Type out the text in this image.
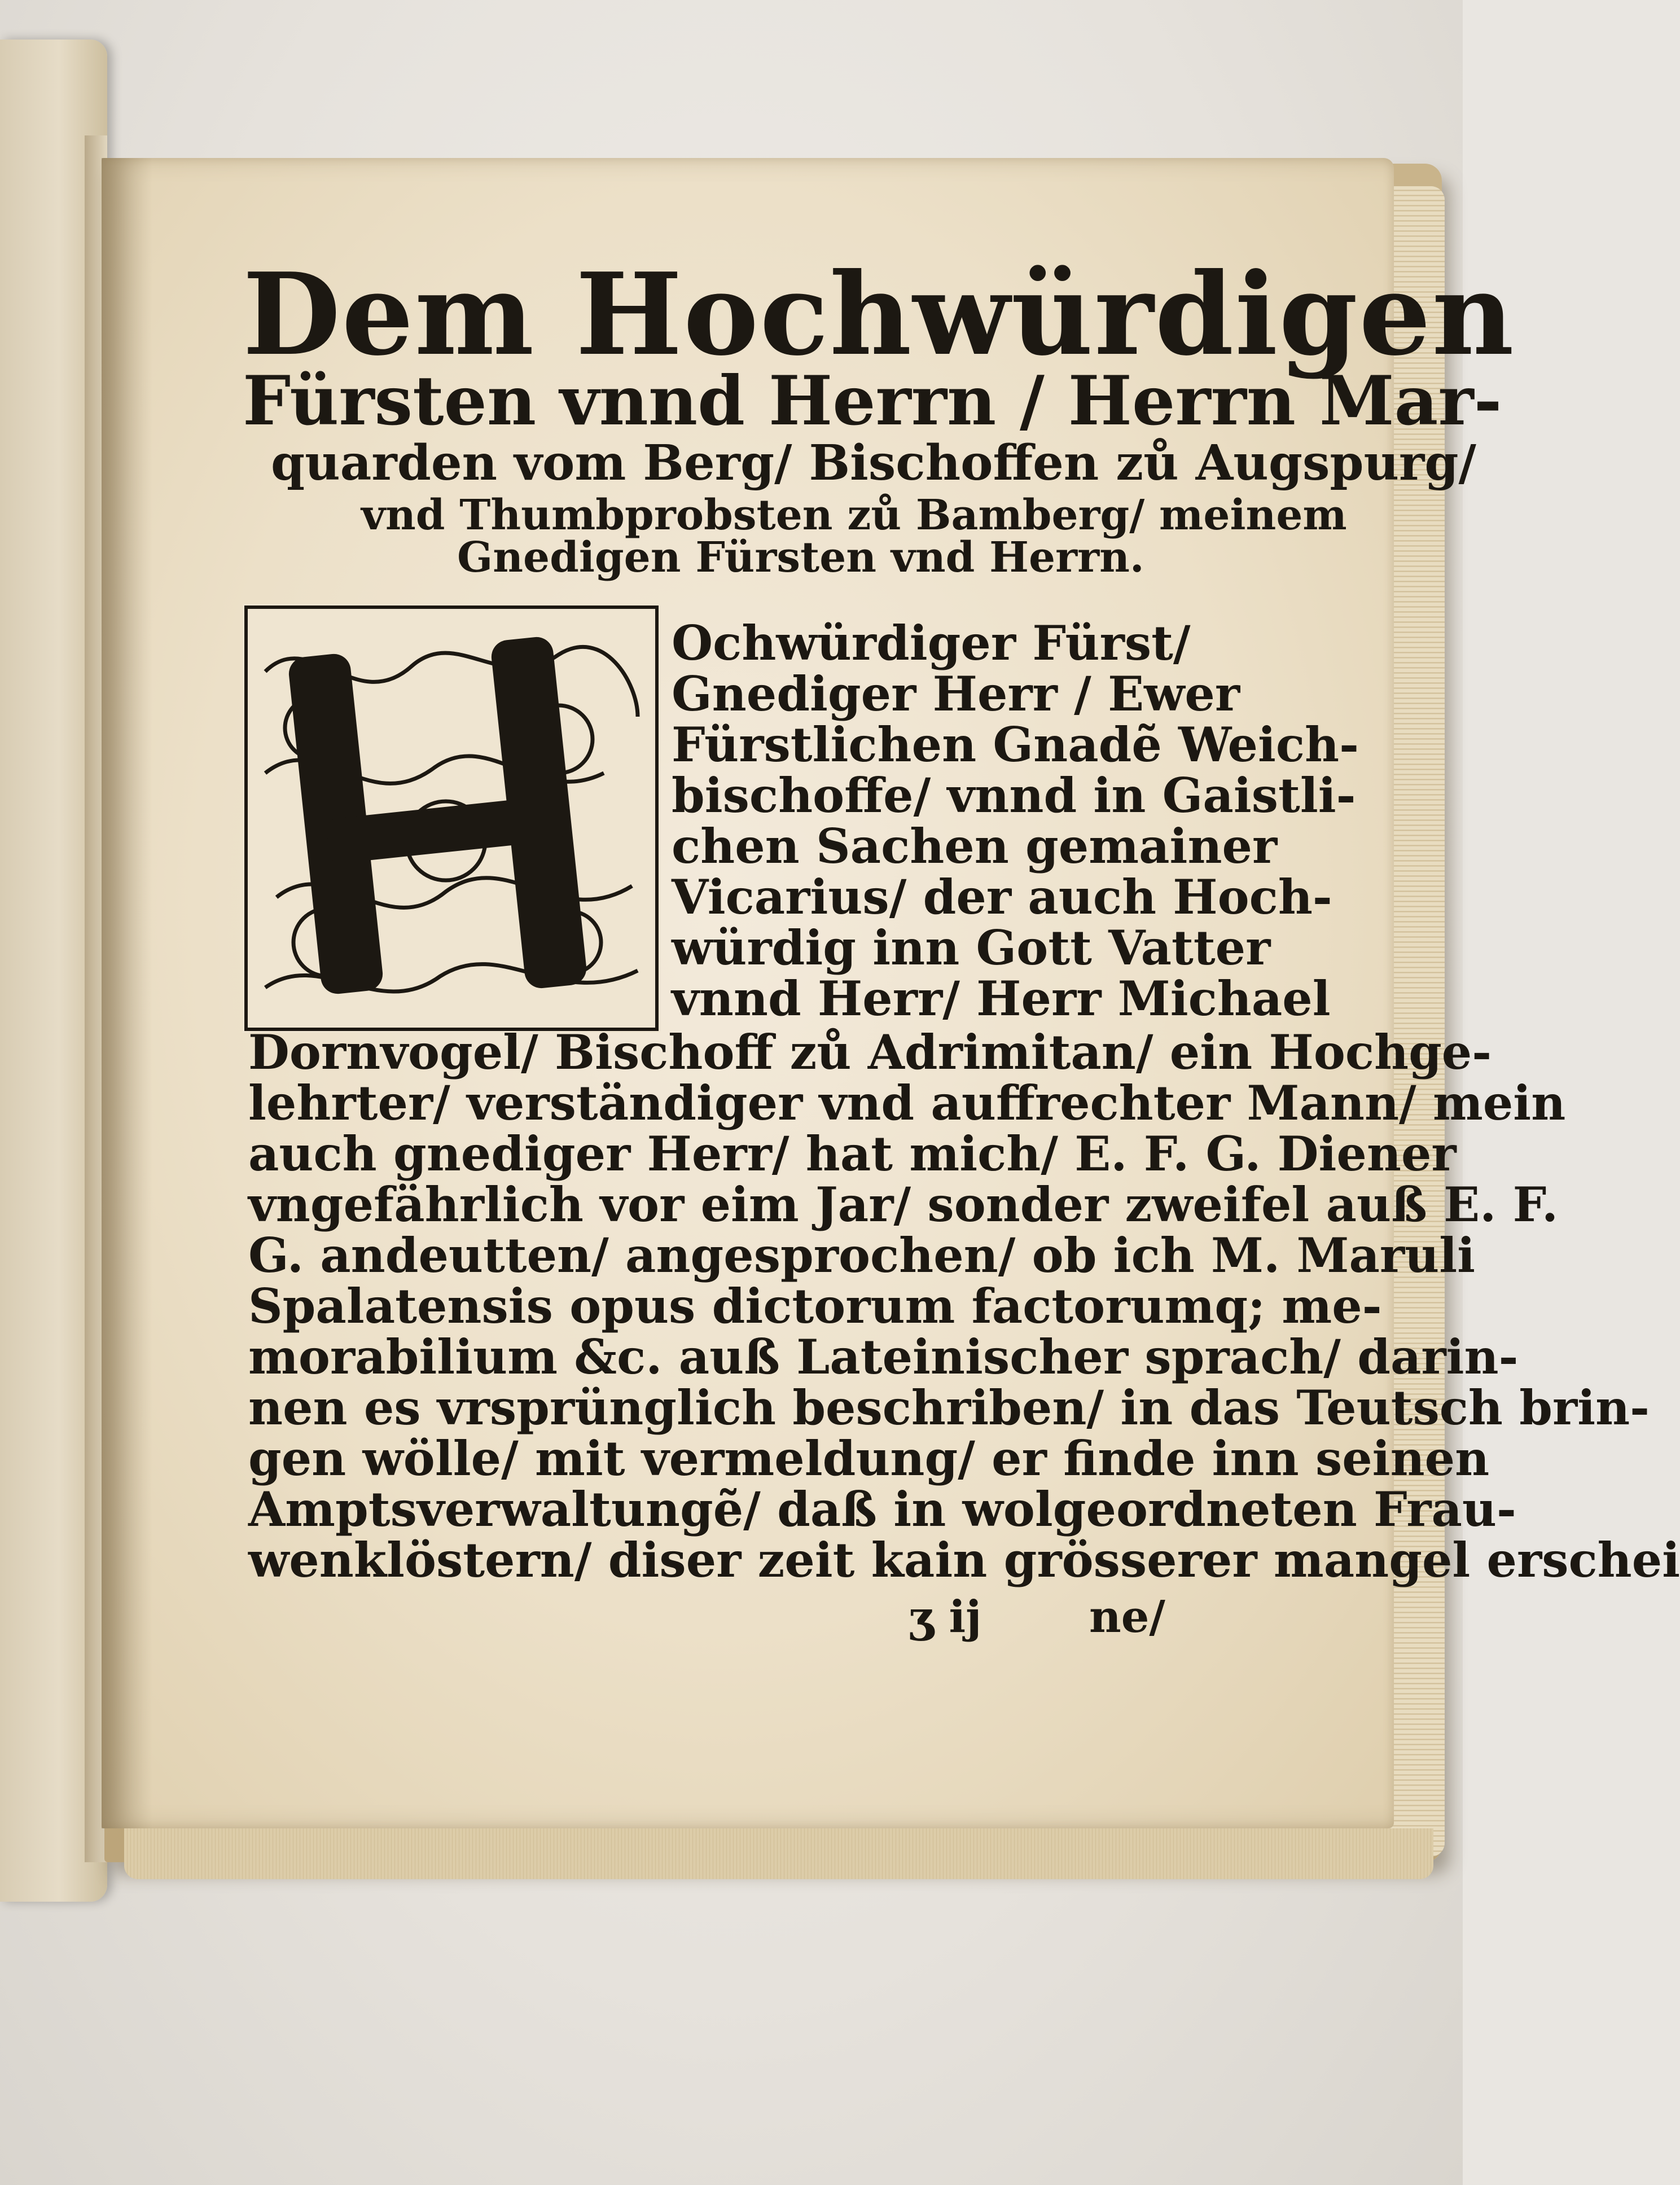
Dem Hochwürdigen
Fürsten vnnd Herrn / Herrn Mar-
quarden vom Berg/ Bischoffen zů Augspurg/
vnd Thumbprobsten zů Bamberg/ meinem
Gnedigen Fürsten vnd Herrn.
Ochwürdiger Fürst/
Gnediger Herr / Ewer
Fürstlichen Gnadẽ Weich-
bischoffe/ vnnd in Gaistli-
chen Sachen gemainer
Vicarius/ der auch Hoch-
würdig inn Gott Vatter
vnnd Herr/ Herr Michael
Dornvogel/ Bischoff zů Adrimitan/ ein Hochge-
lehrter/ verständiger vnd auffrechter Mann/ mein
auch gnediger Herr/ hat mich/ E. F. G. Diener
vngefährlich vor eim Jar/ sonder zweifel auß E. F.
G. andeutten/ angesprochen/ ob ich M. Maruli
Spalatensis opus dictorum factorumq; me-
morabilium &c. auß Lateinischer sprach/ darin-
nen es vrsprünglich beschriben/ in das Teutsch brin-
gen wölle/ mit vermeldung/ er finde inn seinen
Amptsverwaltungẽ/ daß in wolgeordneten Frau-
wenklöstern/ diser zeit kain grösserer mangel erschei
ʒ ij ne/
